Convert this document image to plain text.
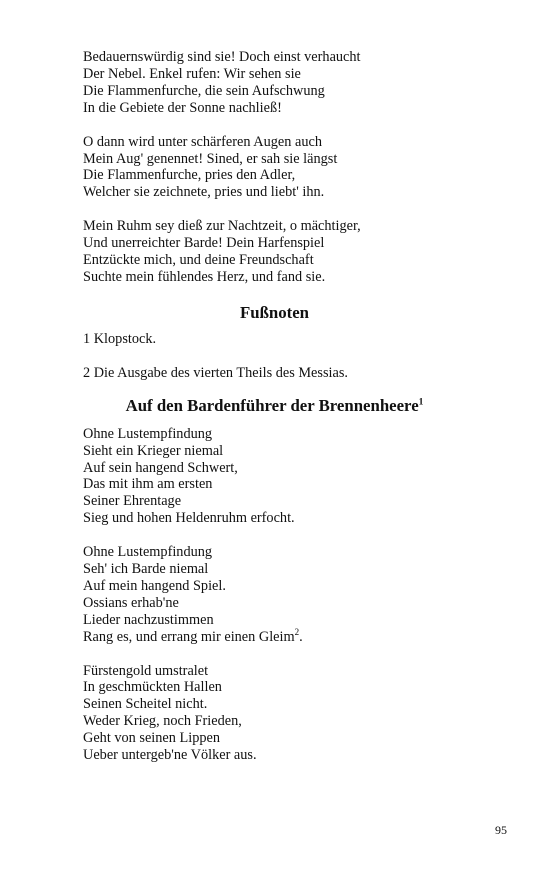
Bedauernswürdig sind sie! Doch einst verhaucht
Der Nebel. Enkel rufen: Wir sehen sie
Die Flammenfurche, die sein Aufschwung
In die Gebiete der Sonne nachließ!
O dann wird unter schärferen Augen auch
Mein Aug' genennet! Sined, er sah sie längst
Die Flammenfurche, pries den Adler,
Welcher sie zeichnete, pries und liebt' ihn.
Mein Ruhm sey dieß zur Nachtzeit, o mächtiger,
Und unerreichter Barde! Dein Harfenspiel
Entzückte mich, und deine Freundschaft
Suchte mein fühlendes Herz, und fand sie.
Fußnoten
1 Klopstock.
2 Die Ausgabe des vierten Theils des Messias.
Auf den Bardenführer der Brennenheere$^1$
Ohne Lustempfindung
Sieht ein Krieger niemal
Auf sein hangend Schwert,
Das mit ihm am ersten
Seiner Ehrentage
Sieg und hohen Heldenruhm erfocht.
Ohne Lustempfindung
Seh' ich Barde niemal
Auf mein hangend Spiel.
Ossians erhab'ne
Lieder nachzustimmen
Rang es, und errang mir einen Gleim$^2$.
Fürstengold umstralet
In geschmückten Hallen
Seinen Scheitel nicht.
Weder Krieg, noch Frieden,
Geht von seinen Lippen
Ueber untergeb'ne Völker aus.
95
